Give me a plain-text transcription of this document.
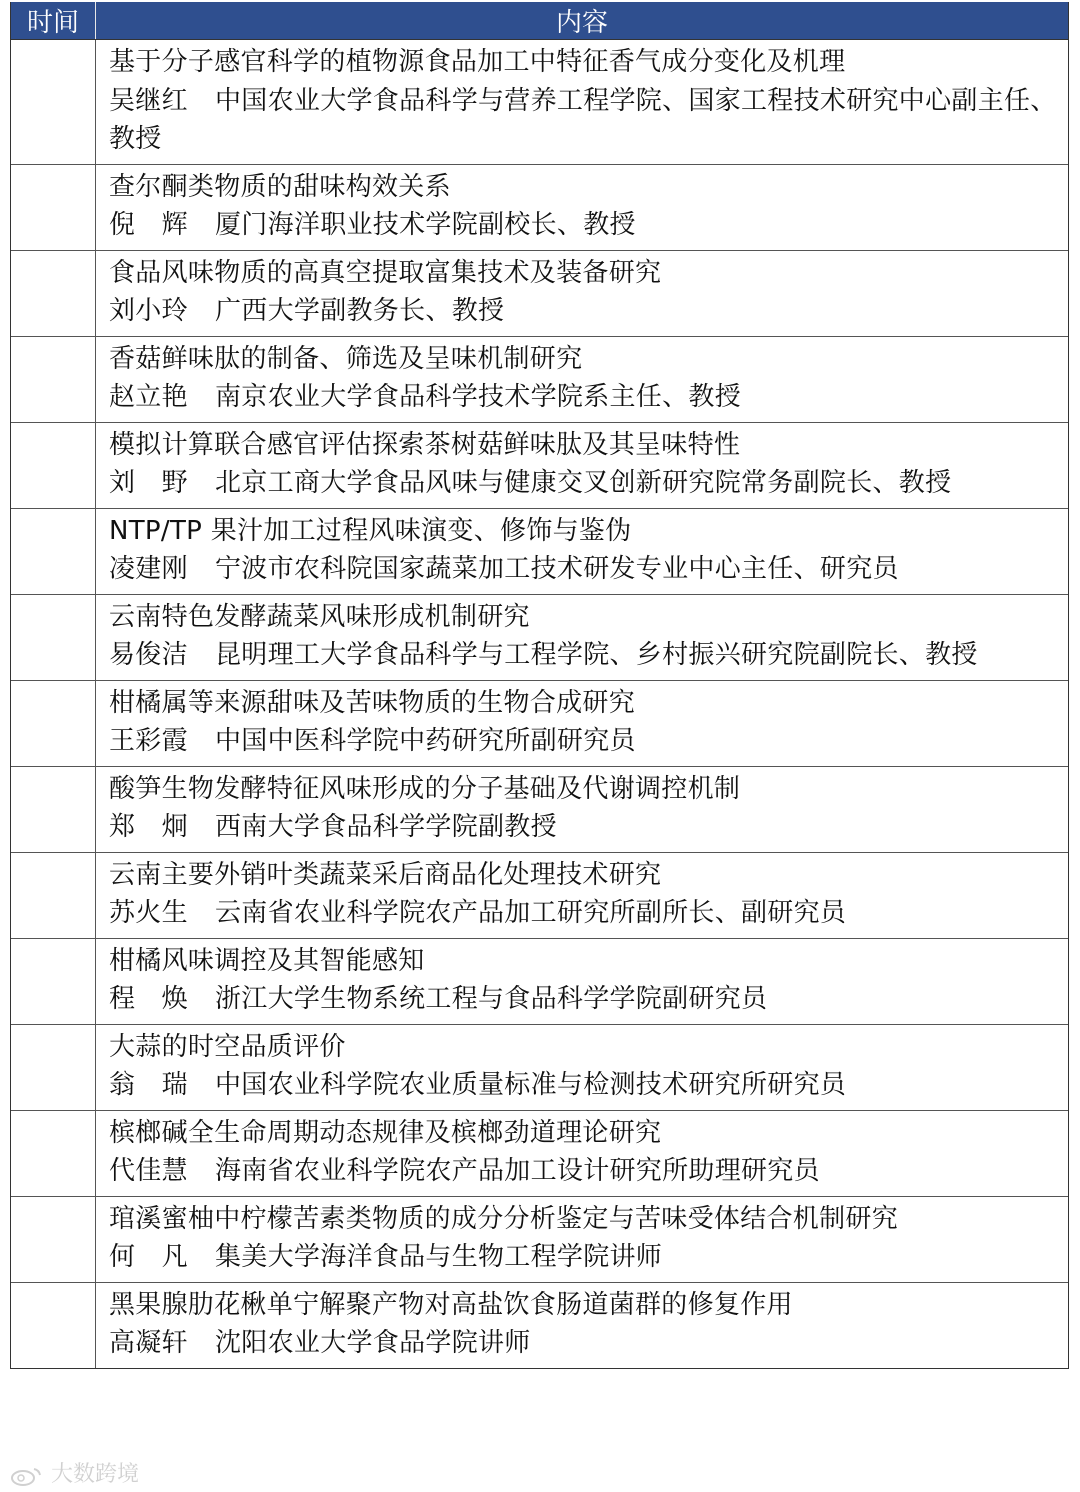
时间	内容
基于分子感官科学的植物源食品加工中特征香气成分变化及机理
吴继红 中国农业大学食品科学与营养工程学院、国家工程技术研究中心副主任、教授
查尔酮类物质的甜味构效关系
倪　辉 厦门海洋职业技术学院副校长、教授
食品风味物质的高真空提取富集技术及装备研究
刘小玲 广西大学副教务长、教授
香菇鲜味肽的制备、筛选及呈味机制研究
赵立艳 南京农业大学食品科学技术学院系主任、教授
模拟计算联合感官评估探索茶树菇鲜味肽及其呈味特性
刘　野 北京工商大学食品风味与健康交叉创新研究院常务副院长、教授
NTP/TP 果汁加工过程风味演变、修饰与鉴伪
凌建刚 宁波市农科院国家蔬菜加工技术研发专业中心主任、研究员
云南特色发酵蔬菜风味形成机制研究
易俊洁 昆明理工大学食品科学与工程学院、乡村振兴研究院副院长、教授
柑橘属等来源甜味及苦味物质的生物合成研究
王彩霞 中国中医科学院中药研究所副研究员
酸笋生物发酵特征风味形成的分子基础及代谢调控机制
郑　炯 西南大学食品科学学院副教授
云南主要外销叶类蔬菜采后商品化处理技术研究
苏火生 云南省农业科学院农产品加工研究所副所长、副研究员
柑橘风味调控及其智能感知
程　焕 浙江大学生物系统工程与食品科学学院副研究员
大蒜的时空品质评价
翁　瑞 中国农业科学院农业质量标准与检测技术研究所研究员
槟榔碱全生命周期动态规律及槟榔劲道理论研究
代佳慧 海南省农业科学院农产品加工设计研究所助理研究员
琯溪蜜柚中柠檬苦素类物质的成分分析鉴定与苦味受体结合机制研究
何　凡 集美大学海洋食品与生物工程学院讲师
黑果腺肋花楸单宁解聚产物对高盐饮食肠道菌群的修复作用
高凝轩 沈阳农业大学食品学院讲师
大数跨境
